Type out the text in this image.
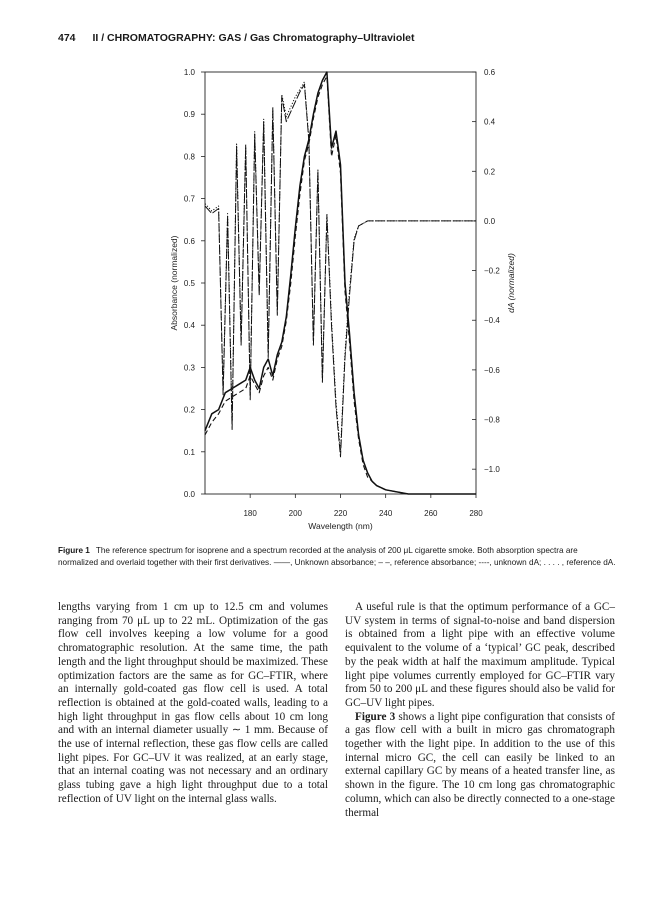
474 II / CHROMATOGRAPHY: GAS / Gas Chromatography–Ultraviolet
0.0
0.1
0.2
0.3
0.4
0.5
0.6
0.7
0.8
0.9
1.0	0.6
0.4
0.2
0.0
−0.2
−0.4
−0.6
−0.8
−1.0
180	200	220	240	260	280
Wavelength (nm)
Absorbance (normalized)	dA (normalized)
Figure 1 The reference spectrum for isoprene and a spectrum recorded at the analysis of 200 μL cigarette smoke. Both absorption spectra are normalized and overlaid together with their first derivatives. ——, Unknown absorbance; – –, reference absorbance; ----, unknown dA; . . . . , reference dA.

lengths varying from 1 cm up to 12.5 cm and volumes ranging from 70 μL up to 22 mL. Optimization of the gas flow cell involves keeping a low volume for a good chromatographic resolution. At the same time, the path length and the light throughput should be maximized. These optimization factors are the same as for GC–FTIR, where an internally gold-coated gas flow cell is used. A total reflection is obtained at the gold-coated walls, leading to a high light throughput in gas flow cells about 10 cm long and with an internal diameter usually ∼ 1 mm. Because of the use of internal reflection, these gas flow cells are called light pipes. For GC–UV it was realized, at an early stage, that an internal coating was not necessary and an ordinary glass tubing gave a high light throughput due to a total reflection of UV light on the internal glass walls.

A useful rule is that the optimum performance of a GC–UV system in terms of signal-to-noise and band dispersion is obtained from a light pipe with an effective volume equivalent to the volume of a ‘typical’ GC peak, described by the peak width at half the maximum amplitude. Typical light pipe volumes currently employed for GC–FTIR vary from 50 to 200 μL and these figures should also be valid for GC–UV light pipes.

Figure 3 shows a light pipe configuration that consists of a gas flow cell with a built in micro gas chromatograph together with the light pipe. In addition to the use of this internal micro GC, the cell can easily be linked to an external capillary GC by means of a heated transfer line, as shown in the figure. The 10 cm long gas chromatographic column, which can also be directly connected to a one-stage thermal
